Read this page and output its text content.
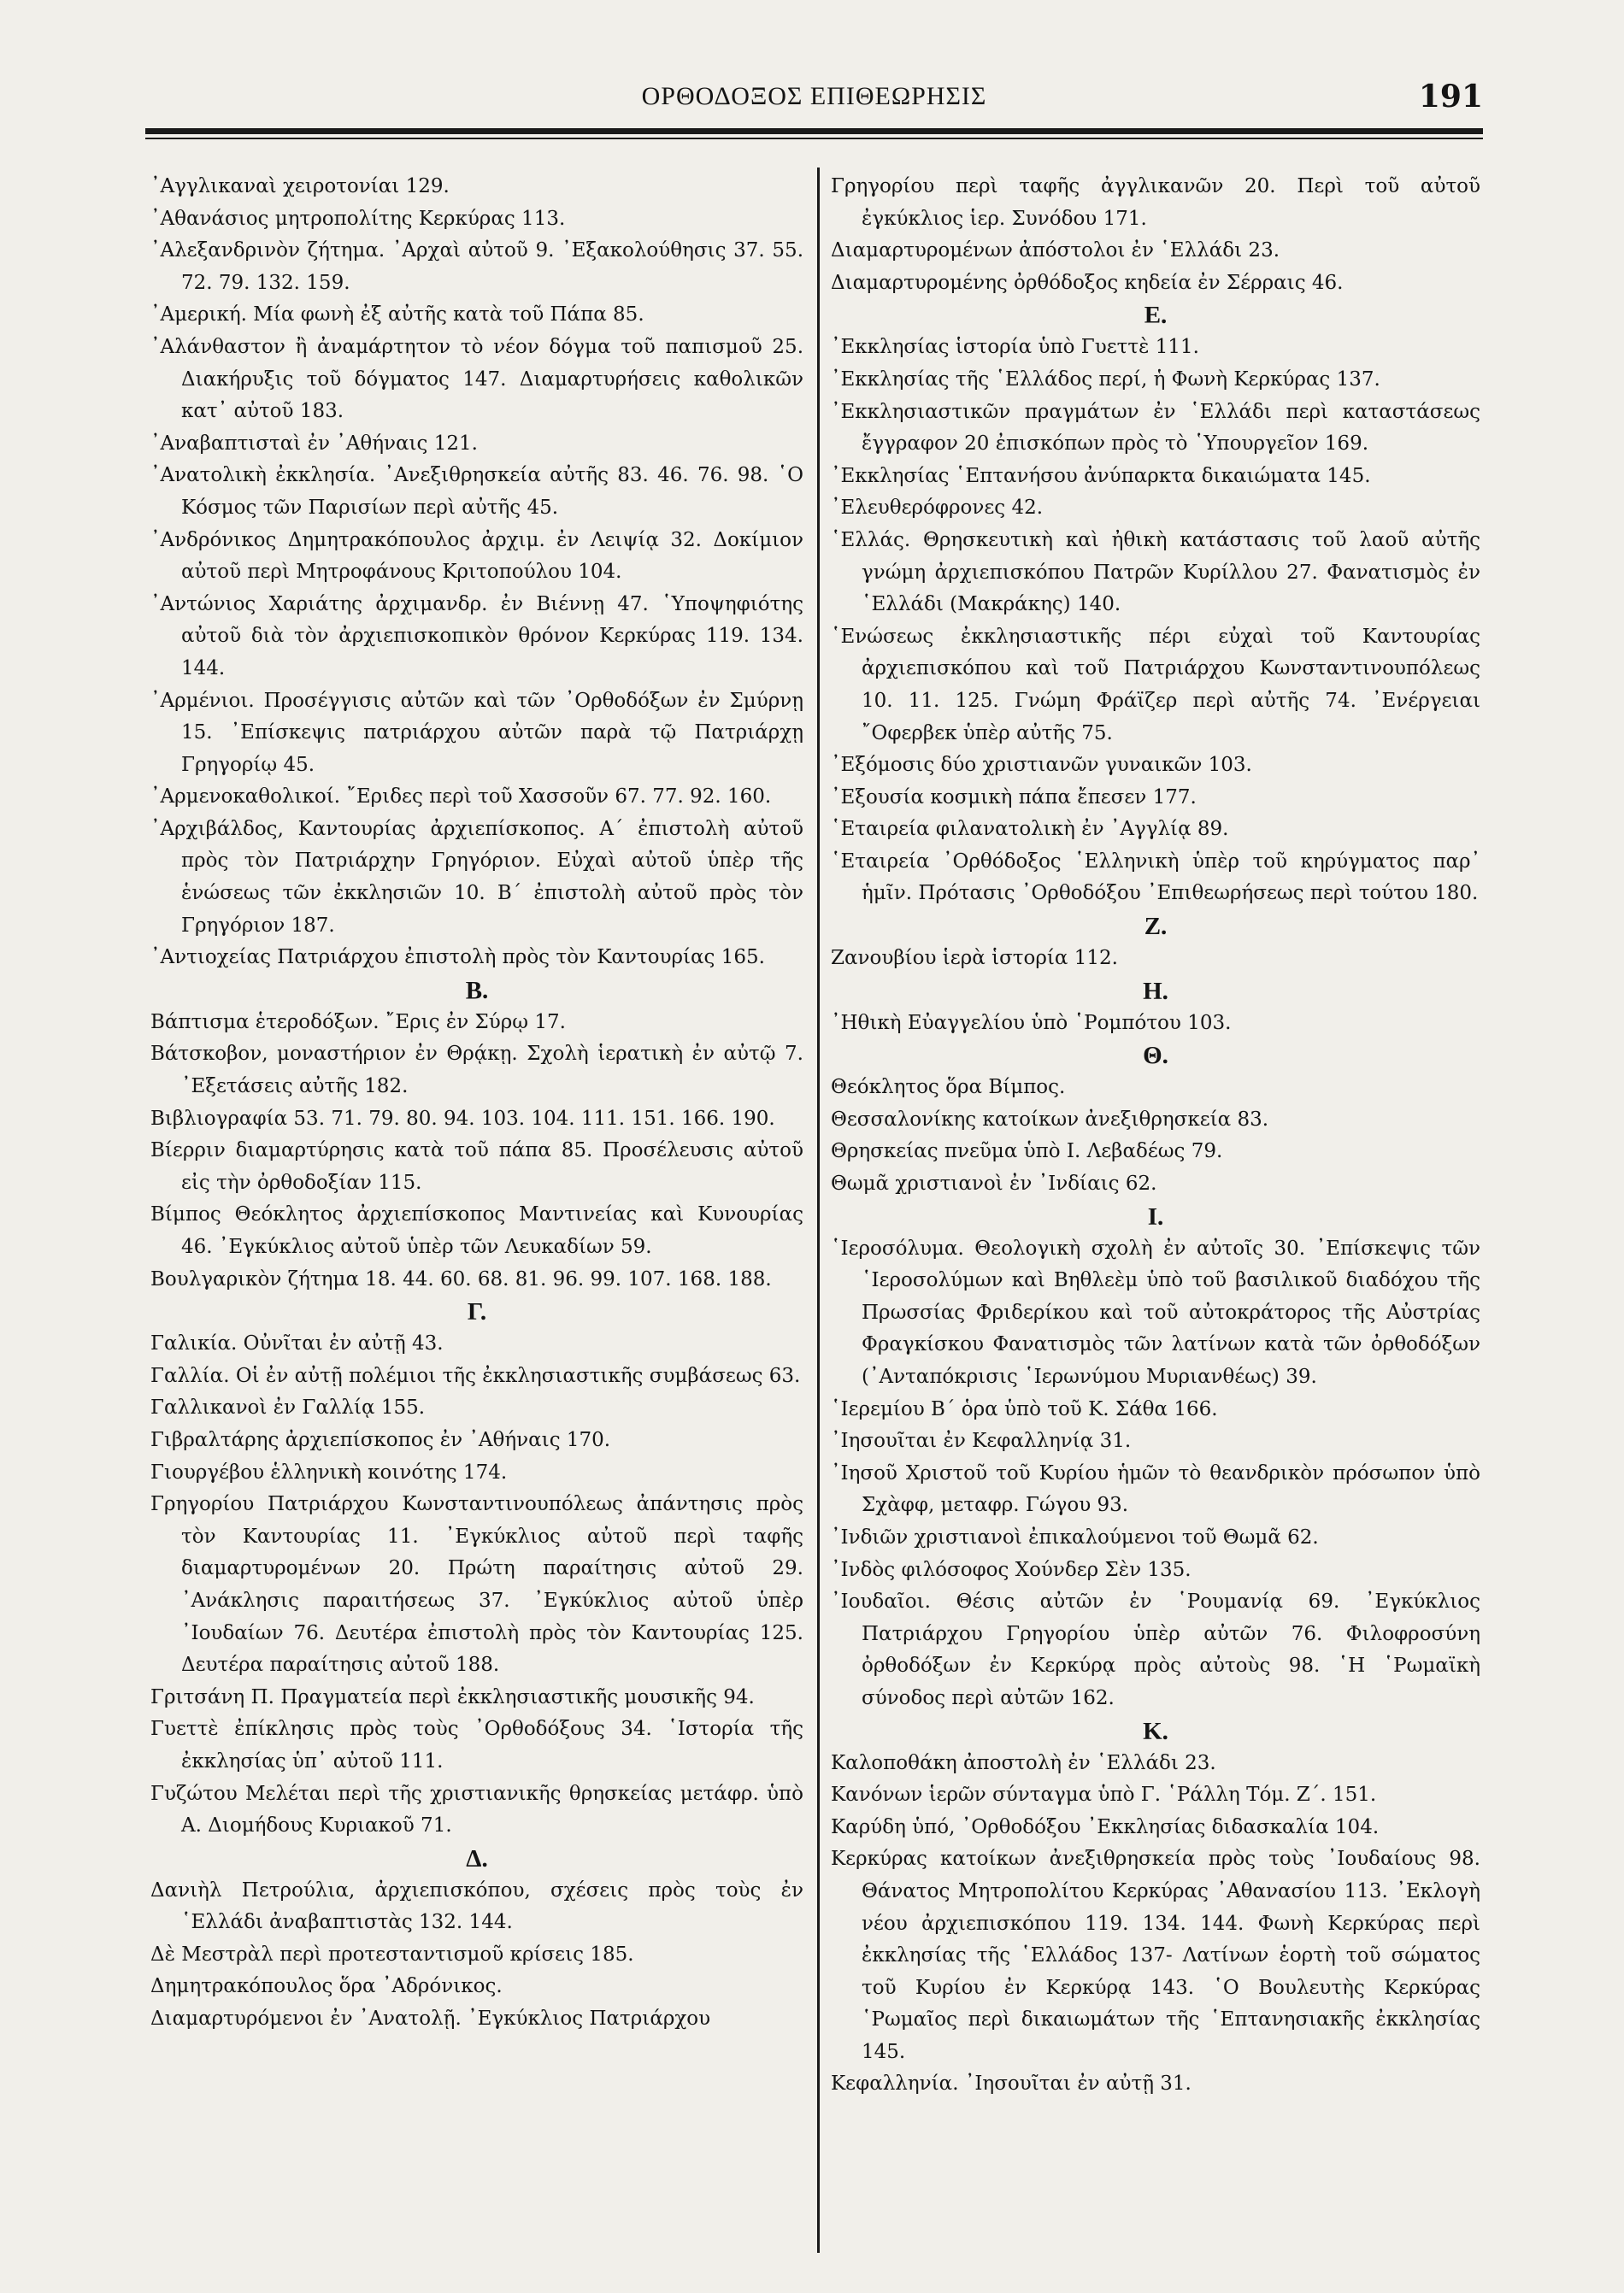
ΟΡΘΟΔΟΞΟΣ ΕΠΙΘΕΩΡΗΣΙΣ	191

᾿Αγγλικαναὶ χειροτονίαι 129.

᾿Αθανάσιος μητροπολίτης Κερκύρας 113.

᾿Αλεξανδρινὸν ζήτημα. ᾿Αρχαὶ αὐτοῦ 9. ᾿Εξακολούθησις 37. 55. 72. 79. 132. 159.

᾿Αμερική. Μία φωνὴ ἐξ αὐτῆς κατὰ τοῦ Πάπα 85.

᾿Αλάνθαστον ἢ ἀναμάρτητον τὸ νέον δόγμα τοῦ παπισμοῦ 25. Διακήρυξις τοῦ δόγματος 147. Διαμαρτυρήσεις καθολικῶν κατ᾿ αὐτοῦ 183.

᾿Αναβαπτισταὶ ἐν ᾿Αθήναις 121.

᾿Ανατολικὴ ἐκκλησία. ᾿Ανεξιθρησκεία αὐτῆς 83. 46. 76. 98. ῾Ο Κόσμος τῶν Παρισίων περὶ αὐτῆς 45.

᾿Ανδρόνικος Δημητρακόπουλος ἀρχιμ. ἐν Λειψίᾳ 32. Δοκίμιον αὐτοῦ περὶ Μητροφάνους Κριτοπούλου 104.

᾿Αντώνιος Χαριάτης ἀρχιμανδρ. ἐν Βιέννῃ 47. ῾Υποψηφιότης αὐτοῦ διὰ τὸν ἀρχιεπισκοπικὸν θρόνον Κερκύρας 119. 134. 144.

᾿Αρμένιοι. Προσέγγισις αὐτῶν καὶ τῶν ᾿Ορθοδόξων ἐν Σμύρνῃ 15. ᾿Επίσκεψις πατριάρχου αὐτῶν παρὰ τῷ Πατριάρχῃ Γρηγορίῳ 45.

᾿Αρμενοκαθολικοί. ῎Εριδες περὶ τοῦ Χασσοῦν 67. 77. 92. 160.

᾿Αρχιβάλδος, Καντουρίας ἀρχιεπίσκοπος. Α´ ἐπιστολὴ αὐτοῦ πρὸς τὸν Πατριάρχην Γρηγόριον. Εὐχαὶ αὐτοῦ ὑπὲρ τῆς ἑνώσεως τῶν ἐκκλησιῶν 10. Β´ ἐπιστολὴ αὐτοῦ πρὸς τὸν Γρηγόριον 187.

᾿Αντιοχείας Πατριάρχου ἐπιστολὴ πρὸς τὸν Καντουρίας 165.

Β.

Βάπτισμα ἑτεροδόξων. ῎Ερις ἐν Σύρῳ 17.

Βάτσκοβον, μοναστήριον ἐν Θρᾴκῃ. Σχολὴ ἱερατικὴ ἐν αὐτῷ 7. ᾿Εξετάσεις αὐτῆς 182.

Βιβλιογραφία 53. 71. 79. 80. 94. 103. 104. 111. 151. 166. 190.

Βίερριν διαμαρτύρησις κατὰ τοῦ πάπα 85. Προσέλευσις αὐτοῦ εἰς τὴν ὀρθοδοξίαν 115.

Βίμπος Θεόκλητος ἀρχιεπίσκοπος Μαντινείας καὶ Κυνουρίας 46. ᾿Εγκύκλιος αὐτοῦ ὑπὲρ τῶν Λευκαδίων 59.

Βουλγαρικὸν ζήτημα 18. 44. 60. 68. 81. 96. 99. 107. 168. 188.

Γ.

Γαλικία. Οὐνῖται ἐν αὐτῇ 43.

Γαλλία. Οἱ ἐν αὐτῇ πολέμιοι τῆς ἐκκλησιαστικῆς συμβάσεως 63.

Γαλλικανοὶ ἐν Γαλλίᾳ 155.

Γιβραλτάρης ἀρχιεπίσκοπος ἐν ᾿Αθήναις 170.

Γιουργέβου ἑλληνικὴ κοινότης 174.

Γρηγορίου Πατριάρχου Κωνσταντινουπόλεως ἀπάντησις πρὸς τὸν Καντουρίας 11. ᾿Εγκύκλιος αὐτοῦ περὶ ταφῆς διαμαρτυρομένων 20. Πρώτη παραίτησις αὐτοῦ 29. ᾿Ανάκλησις παραιτήσεως 37. ᾿Εγκύκλιος αὐτοῦ ὑπὲρ ᾿Ιουδαίων 76. Δευτέρα ἐπιστολὴ πρὸς τὸν Καντουρίας 125. Δευτέρα παραίτησις αὐτοῦ 188.

Γριτσάνη Π. Πραγματεία περὶ ἐκκλησιαστικῆς μουσικῆς 94.

Γυεττὲ ἐπίκλησις πρὸς τοὺς ᾿Ορθοδόξους 34. ῾Ιστορία τῆς ἐκκλησίας ὑπ᾿ αὐτοῦ 111.

Γυζώτου Μελέται περὶ τῆς χριστιανικῆς θρησκείας μετάφρ. ὑπὸ Α. Διομήδους Κυριακοῦ 71.

Δ.

Δανιὴλ Πετρούλια, ἀρχιεπισκόπου, σχέσεις πρὸς τοὺς ἐν ῾Ελλάδι ἀναβαπτιστὰς 132. 144.

Δὲ Μεστρὰλ περὶ προτεσταντισμοῦ κρίσεις 185.

Δημητρακόπουλος ὅρα ᾿Αδρόνικος.

Διαμαρτυρόμενοι ἐν ᾿Ανατολῇ. ᾿Εγκύκλιος Πατριάρχου

Γρηγορίου περὶ ταφῆς ἀγγλικανῶν 20. Περὶ τοῦ αὐτοῦ ἐγκύκλιος ἱερ. Συνόδου 171.

Διαμαρτυρομένων ἀπόστολοι ἐν ῾Ελλάδι 23.

Διαμαρτυρομένης ὀρθόδοξος κηδεία ἐν Σέρραις 46.

Ε.

᾿Εκκλησίας ἱστορία ὑπὸ Γυεττὲ 111.

᾿Εκκλησίας τῆς ῾Ελλάδος περί, ἡ Φωνὴ Κερκύρας 137.

᾿Εκκλησιαστικῶν πραγμάτων ἐν ῾Ελλάδι περὶ καταστάσεως ἔγγραφον 20 ἐπισκόπων πρὸς τὸ ῾Υπουργεῖον 169.

᾿Εκκλησίας ῾Επτανήσου ἀνύπαρκτα δικαιώματα 145.

᾿Ελευθερόφρονες 42.

῾Ελλάς. Θρησκευτικὴ καὶ ἠθικὴ κατάστασις τοῦ λαοῦ αὐτῆς γνώμη ἀρχιεπισκόπου Πατρῶν Κυρίλλου 27. Φανατισμὸς ἐν ῾Ελλάδι (Μακράκης) 140.

῾Ενώσεως ἐκκλησιαστικῆς πέρι εὐχαὶ τοῦ Καντουρίας ἀρχιεπισκόπου καὶ τοῦ Πατριάρχου Κωνσταντινουπόλεως 10. 11. 125. Γνώμη Φράϊζερ περὶ αὐτῆς 74. ᾿Ενέργειαι ῎Οφερβεκ ὑπὲρ αὐτῆς 75.

᾿Εξόμοσις δύο χριστιανῶν γυναικῶν 103.

᾿Εξουσία κοσμικὴ πάπα ἔπεσεν 177.

῾Εταιρεία φιλανατολικὴ ἐν ᾿Αγγλίᾳ 89.

῾Εταιρεία ᾿Ορθόδοξος ῾Ελληνικὴ ὑπὲρ τοῦ κηρύγματος παρ᾿ ἡμῖν. Πρότασις ᾿Ορθοδόξου ᾿Επιθεωρήσεως περὶ τούτου 180.

Ζ.

Ζανουβίου ἱερὰ ἱστορία 112.

Η.

᾿Ηθικὴ Εὐαγγελίου ὑπὸ ῾Ρομπότου 103.

Θ.

Θεόκλητος ὅρα Βίμπος.

Θεσσαλονίκης κατοίκων ἀνεξιθρησκεία 83.

Θρησκείας πνεῦμα ὑπὸ Ι. Λεβαδέως 79.

Θωμᾶ χριστιανοὶ ἐν ᾿Ινδίαις 62.

Ι.

῾Ιεροσόλυμα. Θεολογικὴ σχολὴ ἐν αὐτοῖς 30. ᾿Επίσκεψις τῶν ῾Ιεροσολύμων καὶ Βηθλεὲμ ὑπὸ τοῦ βασιλικοῦ διαδόχου τῆς Πρωσσίας Φριδερίκου καὶ τοῦ αὐτοκράτορος τῆς Αὐστρίας Φραγκίσκου Φανατισμὸς τῶν λατίνων κατὰ τῶν ὀρθοδόξων (᾿Ανταπόκρισις ῾Ιερωνύμου Μυριανθέως) 39.

῾Ιερεμίου Β´ ὁρα ὑπὸ τοῦ Κ. Σάθα 166.

᾿Ιησουῖται ἐν Κεφαλληνίᾳ 31.

᾿Ιησοῦ Χριστοῦ τοῦ Κυρίου ἡμῶν τὸ θεανδρικὸν πρόσωπον ὑπὸ Σχὰφφ, μεταφρ. Γώγου 93.

᾿Ινδιῶν χριστιανοὶ ἐπικαλούμενοι τοῦ Θωμᾶ 62.

᾿Ινδὸς φιλόσοφος Χούνδερ Σὲν 135.

᾿Ιουδαῖοι. Θέσις αὐτῶν ἐν ῾Ρουμανίᾳ 69. ᾿Εγκύκλιος Πατριάρχου Γρηγορίου ὑπὲρ αὐτῶν 76. Φιλοφροσύνη ὀρθοδόξων ἐν Κερκύρᾳ πρὸς αὐτοὺς 98. ῾Η ῾Ρωμαϊκὴ σύνοδος περὶ αὐτῶν 162.

Κ.

Καλοποθάκη ἀποστολὴ ἐν ῾Ελλάδι 23.

Κανόνων ἱερῶν σύνταγμα ὑπὸ Γ. ῾Ράλλη Τόμ. Ζ´. 151.

Καρύδη ὑπό, ᾿Ορθοδόξου ᾿Εκκλησίας διδασκαλία 104.

Κερκύρας κατοίκων ἀνεξιθρησκεία πρὸς τοὺς ᾿Ιουδαίους 98. Θάνατος Μητροπολίτου Κερκύρας ᾿Αθανασίου 113. ᾿Εκλογὴ νέου ἀρχιεπισκόπου 119. 134. 144. Φωνὴ Κερκύρας περὶ ἐκκλησίας τῆς ῾Ελλάδος 137- Λατίνων ἑορτὴ τοῦ σώματος τοῦ Κυρίου ἐν Κερκύρᾳ 143. ῾Ο Βουλευτὴς Κερκύρας ῾Ρωμαῖος περὶ δικαιωμάτων τῆς ῾Επτανησιακῆς ἐκκλησίας 145.

Κεφαλληνία. ᾿Ιησουῖται ἐν αὐτῇ 31.
